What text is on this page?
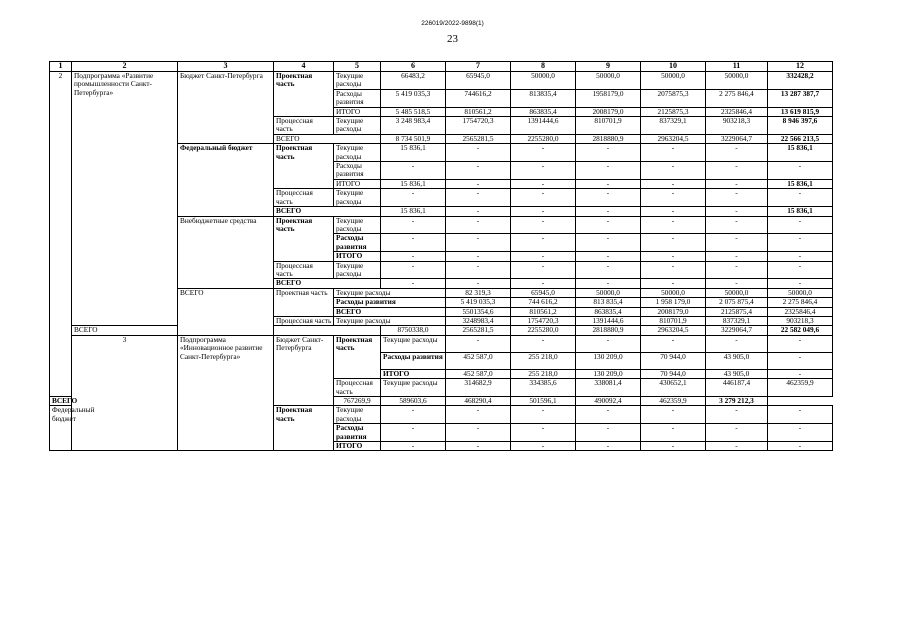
226019/2022-9898(1)
23
1	2	3	4	5	6	7	8	9	10	11	12	
2	Подпрограмма «Развитие промышленности Санкт-Петербурга»	Бюджет Санкт-Петербурга	Проектная часть	Текущие расходы	66483,2	65945,0	50000,0	50000,0	50000,0	50000,0	332428,2	
				Расходы развития	5 419 035,3	744616,2	813835,4	1958179,0	2075875,3	2 275 846,4	13 287 387,7	
				ИТОГО	5 485 518,5	810561,2	863835,4	2008179,0	2125875,3	2325846,4	13 619 815,9	
			Процессная часть	Текущие расходы	3 248 983,4	1754720,3	1391444,6	810701,9	837329,1	903218,3	8 946 397,6	
			ВСЕГО		8 734 501,9	2565281,5	2255280,0	2818880,9	2963204,5	3229064,7	22 566 213,5	
		Федеральный бюджет	Проектная часть	Текущие расходы	15 836,1	-	-	-	-	-	15 836,1	
				Расходы развития	-	-	-	-	-	-	-	
				ИТОГО	15 836,1	-	-	-	-	-	15 836,1	
			Процессная часть	Текущие расходы	-	-	-	-	-	-	-	
			ВСЕГО		15 836,1	-	-	-	-	-	15 836,1	
		Внебюджетные средства	Проектная часть	Текущие расходы	-	-	-	-	-	-	-	
				Расходы развития	-	-	-	-	-	-	-	
				ИТОГО	-	-	-	-	-	-	-	
			Процессная часть	Текущие расходы	-	-	-	-	-	-	-	
			ВСЕГО		-	-	-	-	-	-	-	
		ВСЕГО	Проектная часть	Текущие расходы		82 319,3	65945,0	50000,0	50000,0	50000,0	50000,0	
				Расходы развития		5 419 035,3	744 616,2	813 835,4	1 958 179,0	2 075 875,4	2 275 846,4	
				ВСЕГО		5501354,6	810561,2	863835,4	2008179,0	2125875,4	2325846,4	
			Процессная часть	Текущие расходы		3248983,4	1754720,3	1391444,6	810701,9	837329,1	903218,3	
	ВСЕГО				8750338,0	2565281,5	2255280,0	2818880,9	2963204,5	3229064,7	22 582 049,6	
	3	Подпрограмма «Инновационное развитие Санкт-Петербурга»	Бюджет Санкт-Петербурга	Проектная часть	Текущие расходы	-	-	-	-	-	-	
					Расходы развития	452 587,0	255 218,0	130 209,0	70 944,0	43 905,0	-	
					ИТОГО	452 587,0	255 218,0	130 209,0	70 944,0	43 905,0	-	
				Процессная часть	Текущие расходы	314682,9	334385,6	338081,4	430652,1	446187,4	462359,9	
ВСЕГО				767269,9	589603,6	468290,4	501596,1	490092,4	462359,9	3 279 212,3		
Федеральный бюджет			Проектная часть	Текущие расходы	-	-	-	-	-	-	-	
				Расходы развития	-	-	-	-	-	-	-	
				ИТОГО	-	-	-	-	-	-	-	
